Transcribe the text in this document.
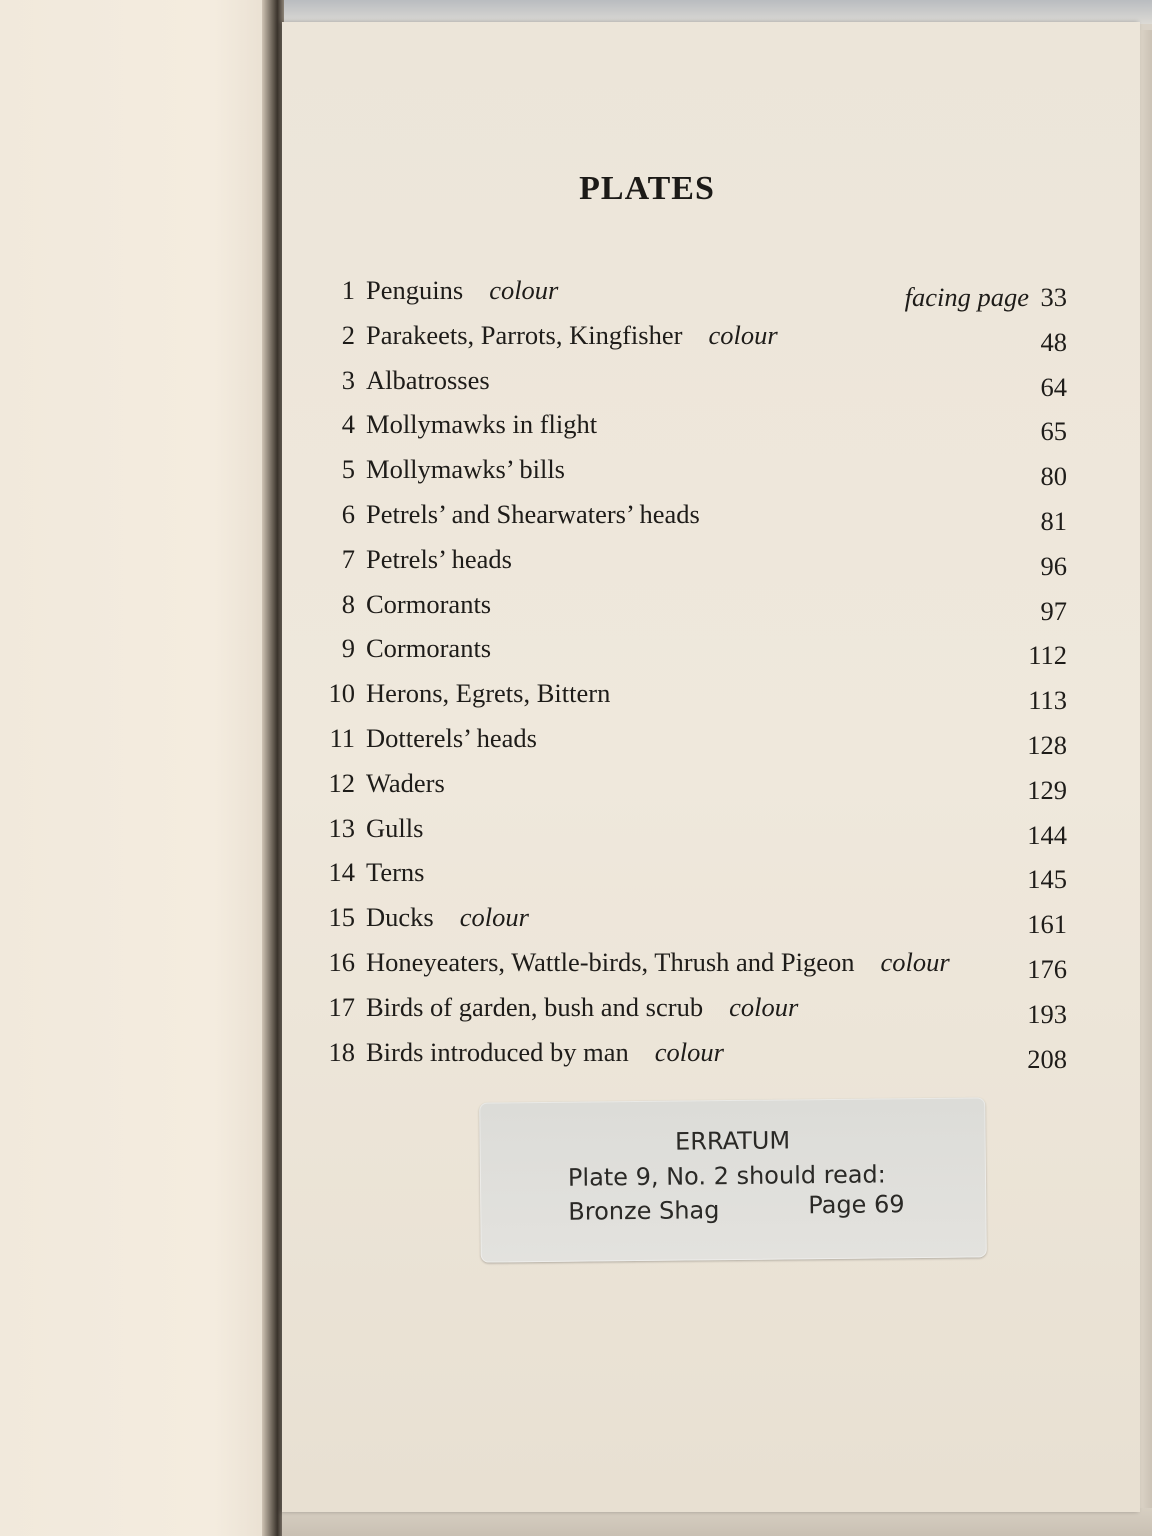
PLATES
1 Penguins colour	facing page 33
2 Parakeets, Parrots, Kingfisher colour	48
3 Albatrosses	64
4 Mollymawks in flight	65
5 Mollymawks’ bills	80
6 Petrels’ and Shearwaters’ heads	81
7 Petrels’ heads	96
8 Cormorants	97
9 Cormorants	112
10 Herons, Egrets, Bittern	113
11 Dotterels’ heads	128
12 Waders	129
13 Gulls	144
14 Terns	145
15 Ducks colour	161
16 Honeyeaters, Wattle-birds, Thrush and Pigeon colour	176
17 Birds of garden, bush and scrub colour	193
18 Birds introduced by man colour	208
ERRATUM
Plate 9, No. 2 should read:
Bronze Shag	Page 69
